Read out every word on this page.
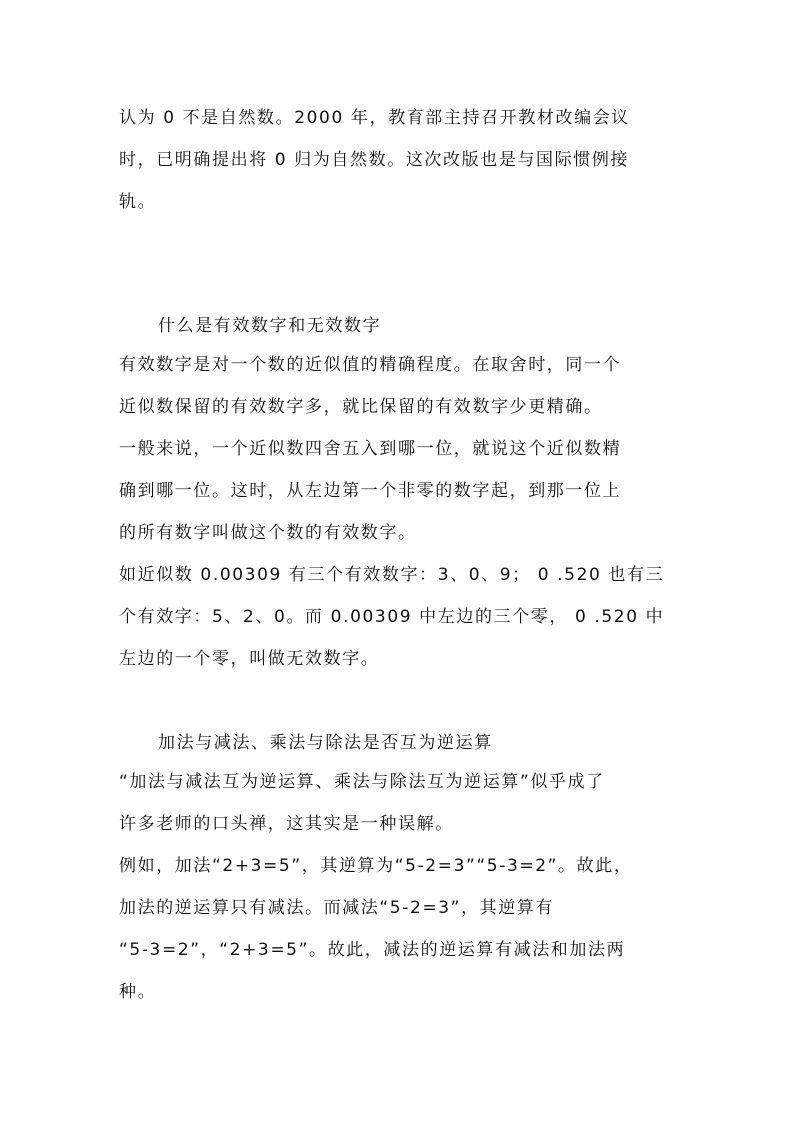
认为 0 不是自然数。2000 年，教育部主持召开教材改编会议
时，已明确提出将 0 归为自然数。这次改版也是与国际惯例接
轨。
什么是有效数字和无效数字
有效数字是对一个数的近似值的精确程度。在取舍时，同一个
近似数保留的有效数字多，就比保留的有效数字少更精确。
一般来说，一个近似数四舍五入到哪一位，就说这个近似数精
确到哪一位。这时，从左边第一个非零的数字起，到那一位上
的所有数字叫做这个数的有效数字。
如近似数 0.00309 有三个有效数字：3、0、9； 0 .520 也有三
个有效字：5、2、0。而 0.00309 中左边的三个零， 0 .520 中
左边的一个零，叫做无效数字。
加法与减法、乘法与除法是否互为逆运算
“加法与减法互为逆运算、乘法与除法互为逆运算”似乎成了
许多老师的口头禅，这其实是一种误解。
例如，加法“2+3=5”，其逆算为“5-2=3”“5-3=2”。故此，
加法的逆运算只有减法。而减法“5-2=3”，其逆算有
“5-3=2”，“2+3=5”。故此，减法的逆运算有减法和加法两
种。
